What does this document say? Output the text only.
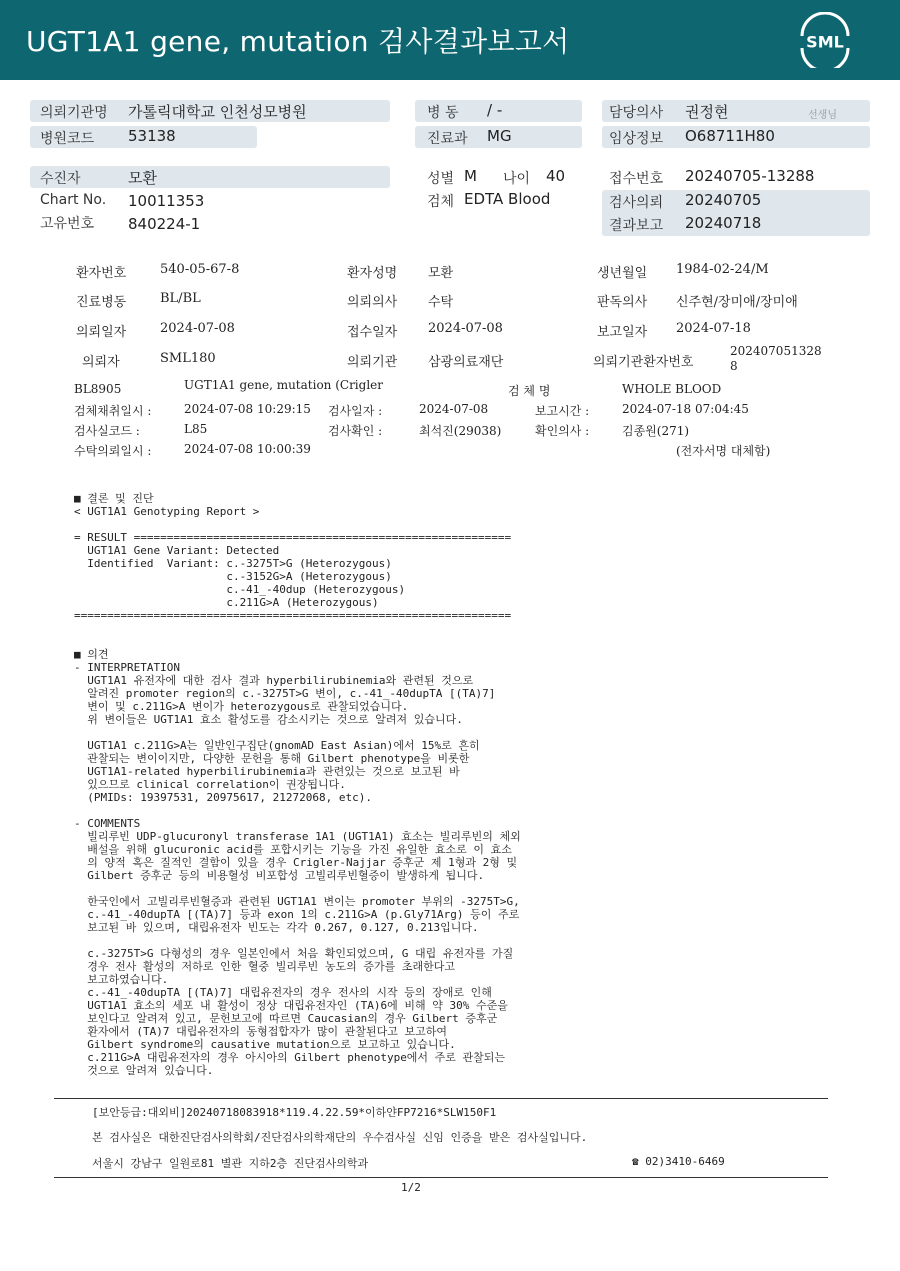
UGT1A1 gene, mutation 검사결과보고서	SML
의뢰기관명 가톨릭대학교 인천성모병원
병원코드 53138
병 동 / -
진료과 MG
담당의사 권정현	선생님
임상정보 O68711H80
수진자	모환
Chart No. 10011353
고유번호 840224-1
성별 M 나이 40
검체 EDTA Blood
접수번호 20240705-13288
검사의뢰 20240705
결과보고 20240718
환자번호	540-05-67-8	환자성명 모환	생년월일 1984-02-24/M
진료병동	BL/BL	의뢰의사 수탁	판독의사 신주현/장미애/장미애
의뢰일자	2024-07-08	접수일자 2024-07-08	보고일자 2024-07-18
의뢰자	SML180	의뢰기관 삼광의료재단	의뢰기관환자번호
202407051328
8
BL8905	UGT1A1 gene, mutation (Crigler	검 체 명	WHOLE BLOOD
검체채취일시 :	2024-07-08 10:29:15 검사일자 :	2024-07-08	보고시간 :	2024-07-18 07:04:45
검사실코드 :	L85	검사확인 :	최석진(29038)	확인의사 :	김종원(271)
수탁의뢰일시 :	2024-07-08 10:00:39	(전자서명 대체함)
■ 결론 및 진단
< UGT1A1 Genotyping Report >
= RESULT =========================================================
UGT1A1 Gene Variant: Detected
Identified  Variant: c.-3275T>G (Heterozygous)
c.-3152G>A (Heterozygous)
c.-41_-40dup (Heterozygous)
c.211G>A (Heterozygous)
==================================================================
■ 의견
- INTERPRETATION
UGT1A1 유전자에 대한 검사 결과 hyperbilirubinemia와 관련된 것으로
알려진 promoter region의 c.-3275T>G 변이, c.-41_-40dupTA [(TA)7]
변이 및 c.211G>A 변이가 heterozygous로 관찰되었습니다.
위 변이들은 UGT1A1 효소 활성도를 감소시키는 것으로 알려져 있습니다.
UGT1A1 c.211G>A는 일반인구집단(gnomAD East Asian)에서 15%로 흔히
관찰되는 변이이지만, 다양한 문헌을 통해 Gilbert phenotype을 비롯한
UGT1A1-related hyperbilirubinemia과 관련있는 것으로 보고된 바
있으므로 clinical correlation이 권장됩니다.
(PMIDs: 19397531, 20975617, 21272068, etc).
- COMMENTS
빌리루빈 UDP-glucuronyl transferase 1A1 (UGT1A1) 효소는 빌리루빈의 체외
배설을 위해 glucuronic acid를 포합시키는 기능을 가진 유일한 효소로 이 효소
의 양적 혹은 질적인 결함이 있을 경우 Crigler-Najjar 증후군 제 1형과 2형 및
Gilbert 증후군 등의 비용혈성 비포합성 고빌리루빈혈증이 발생하게 됩니다.
한국인에서 고빌리루빈혈증과 관련된 UGT1A1 변이는 promoter 부위의 -3275T>G,
c.-41_-40dupTA [(TA)7] 등과 exon 1의 c.211G>A (p.Gly71Arg) 등이 주로
보고된 바 있으며, 대립유전자 빈도는 각각 0.267, 0.127, 0.213입니다.
c.-3275T>G 다형성의 경우 일본인에서 처음 확인되었으며, G 대립 유전자를 가질
경우 전사 활성의 저하로 인한 혈중 빌리루빈 농도의 증가를 초래한다고
보고하였습니다.
c.-41_-40dupTA [(TA)7] 대립유전자의 경우 전사의 시작 등의 장애로 인해
UGT1A1 효소의 세포 내 활성이 정상 대립유전자인 (TA)6에 비해 약 30% 수준을
보인다고 알려져 있고, 문헌보고에 따르면 Caucasian의 경우 Gilbert 증후군
환자에서 (TA)7 대립유전자의 동형접합자가 많이 관찰된다고 보고하여
Gilbert syndrome의 causative mutation으로 보고하고 있습니다.
c.211G>A 대립유전자의 경우 아시아의 Gilbert phenotype에서 주로 관찰되는
것으로 알려져 있습니다.
[보안등급:대외비]20240718083918*119.4.22.59*이하얀FP7216*SLW150F1
본 검사실은 대한진단검사의학회/진단검사의학재단의 우수검사실 신임 인증을 받은 검사실입니다.
서울시 강남구 일원로81 별관 지하2층 진단검사의학과	☎ 02)3410-6469
1/2
